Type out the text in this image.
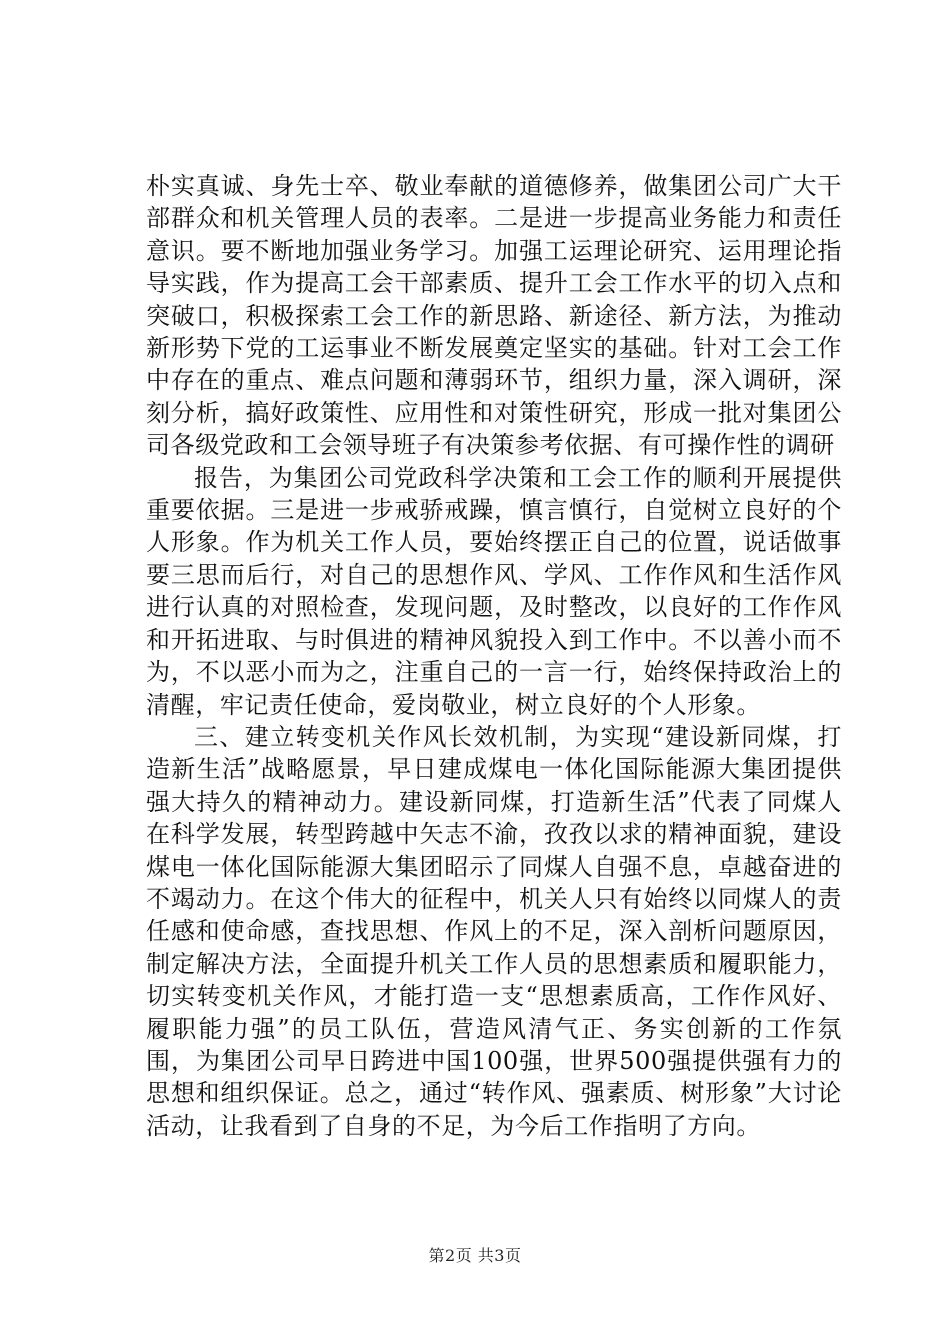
朴实真诚、身先士卒、敬业奉献的道德修养，做集团公司广大干部群众和机关管理人员的表率。二是进一步提高业务能力和责任意识。要不断地加强业务学习。加强工运理论研究、运用理论指导实践，作为提高工会干部素质、提升工会工作水平的切入点和突破口，积极探索工会工作的新思路、新途径、新方法，为推动新形势下党的工运事业不断发展奠定坚实的基础。针对工会工作中存在的重点、难点问题和薄弱环节，组织力量，深入调研，深刻分析，搞好政策性、应用性和对策性研究，形成一批对集团公司各级党政和工会领导班子有决策参考依据、有可操作性的调研

报告，为集团公司党政科学决策和工会工作的顺利开展提供重要依据。三是进一步戒骄戒躁，慎言慎行，自觉树立良好的个人形象。作为机关工作人员，要始终摆正自己的位置，说话做事要三思而后行，对自己的思想作风、学风、工作作风和生活作风进行认真的对照检查，发现问题，及时整改，以良好的工作作风和开拓进取、与时俱进的精神风貌投入到工作中。不以善小而不为，不以恶小而为之，注重自己的一言一行，始终保持政治上的清醒，牢记责任使命，爱岗敬业，树立良好的个人形象。

三、建立转变机关作风长效机制，为实现“建设新同煤，打造新生活”战略愿景，早日建成煤电一体化国际能源大集团提供强大持久的精神动力。建设新同煤，打造新生活”代表了同煤人在科学发展，转型跨越中矢志不渝，孜孜以求的精神面貌，建设煤电一体化国际能源大集团昭示了同煤人自强不息，卓越奋进的不竭动力。在这个伟大的征程中，机关人只有始终以同煤人的责任感和使命感，查找思想、作风上的不足，深入剖析问题原因，制定解决方法，全面提升机关工作人员的思想素质和履职能力，切实转变机关作风，才能打造一支“思想素质高，工作作风好、履职能力强”的员工队伍，营造风清气正、务实创新的工作氛围，为集团公司早日跨进中国100强，世界500强提供强有力的思想和组织保证。总之，通过“转作风、强素质、树形象”大讨论活动，让我看到了自身的不足，为今后工作指明了方向。

第2页 共3页
